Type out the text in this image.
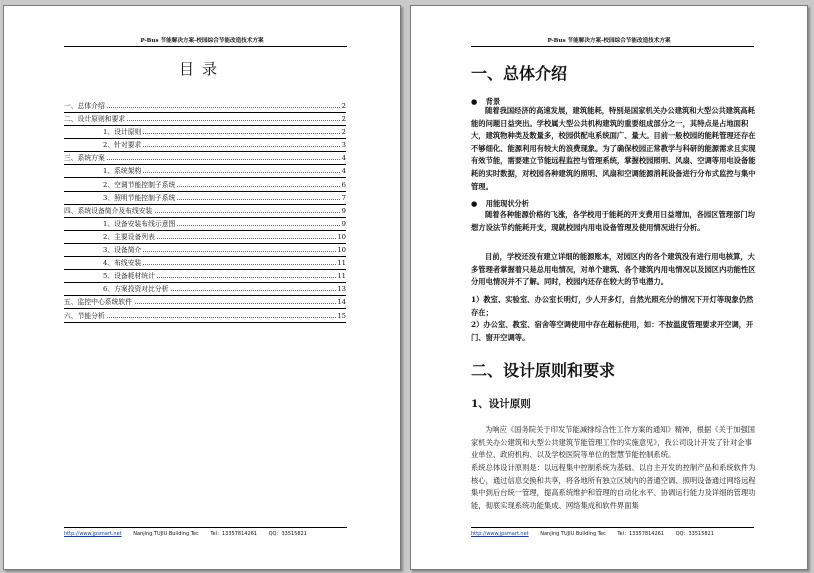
P-Bus 节能解决方案-校园综合节能改造技术方案
目录
一、总体介绍	2
二、设计原则和要求	2
1、设计原则	2
2、针对要求	3
三、系统方案	4
1、系统架构	4
2、空调节能控制子系统	6
3、照明节能控制子系统	7
四、系统设备简介及布线安装	9
1、设备安装布线示意图	9
2、主要设备列表	10
3、设备简介	10
4、布线安装	11
5、设备耗材统计	11
6、方案投资对比分析	13
五、监控中心系统软件	14
六、节能分析	15
http://www.jpsmart.net Nanjing TUJIU Building Tec Tel：13357814261 QQ：33515821
P-Bus 节能解决方案-校园综合节能改造技术方案
一、总体介绍
● 背景
随着我国经济的高速发展，建筑能耗，特别是国家机关办公建筑和大型公共建筑高耗能的问题日益突出。学校属大型公共机构建筑的重要组成部分之一，其特点是占地面积大，建筑物种类及数量多，校园供配电系统面广、量大。目前一般校园的能耗管理还存在不够细化、能源利用有较大的浪费现象。为了确保校园正常教学与科研的能源需求且实现有效节能，需要建立节能远程监控与管理系统，掌握校园照明、风扇、空调等用电设备能耗的实时数据，对校园各种建筑的照明、风扇和空调能源消耗设备进行分布式监控与集中管理。
● 用能现状分析
随着各种能源价格的飞涨，各学校用于能耗的开支费用日益增加，各园区管理部门均想方设法节约能耗开支，现就校园内用电设备管理及使用情况进行分析。
目前，学校还没有建立详细的能源账本，对园区内的各个建筑没有进行用电核算，大多管理者掌握着只是总用电情况，对单个建筑、各个建筑内用电情况以及园区内功能性区分用电情况并不了解。同时，校园内还存在较大的节电潜力。
1）教室、实验室、办公室长明灯，少人开多灯，自然光照充分的情况下开灯等现象仍然存在；
2）办公室、教室、宿舍等空调使用中存在超标使用，如：不按温度管理要求开空调，开门、窗开空调等。
二、设计原则和要求
1、设计原则
为响应《国务院关于印发节能减排综合性工作方案的通知》精神，根据《关于加强国家机关办公建筑和大型公共建筑节能管理工作的实施意见》，我公司设计开发了针对企事业单位、政府机构、以及学校医院等单位的智慧节能控制系统。
系统总体设计原则是：以远程集中控制系统为基础、以自主开发的控制产品和系统软件为核心，通过信息交换和共享，将各地所有独立区域内的普通空调、照明设备通过网络远程集中到后台统一管理，提高系统维护和管理的自动化水平、协调运行能力及详细的管理功能，彻底实现系统功能集成、网络集成和软件界面集
http://www.jpsmart.net Nanjing TUJIU Building Tec Tel：13357814261 QQ：33515821
